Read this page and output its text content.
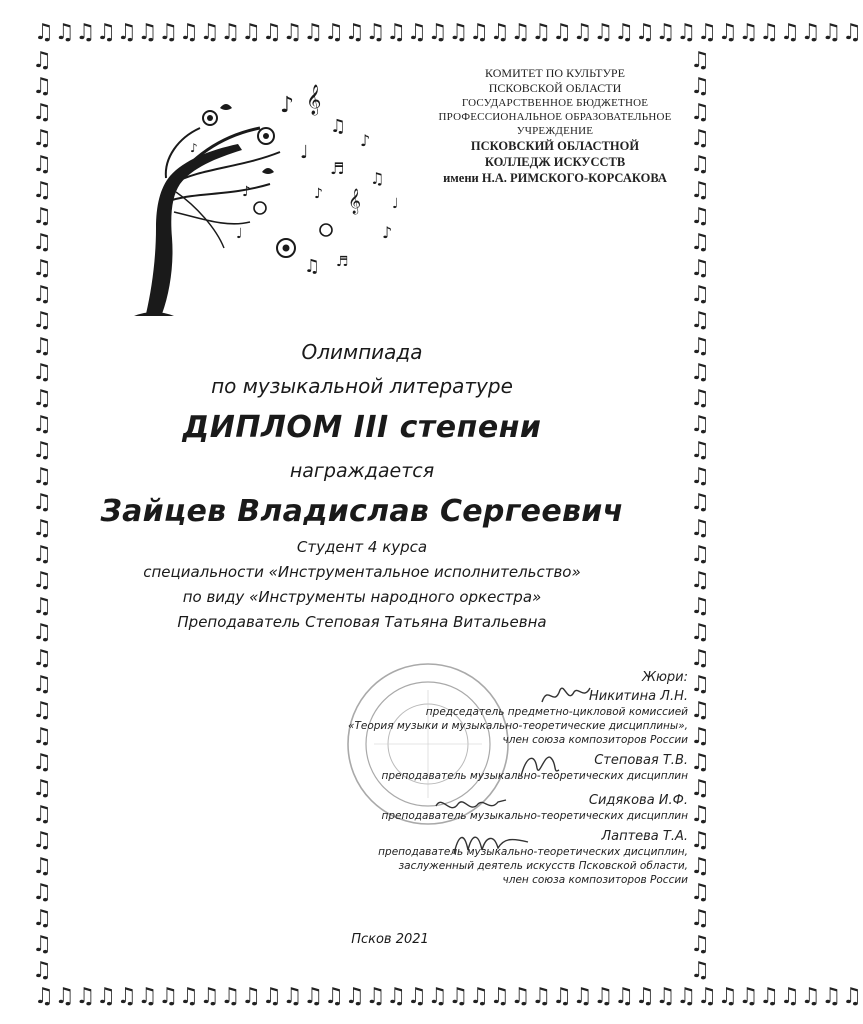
♫♫♫♫♫♫♫♫♫♫♫♫♫♫♫♫♫♫♫♫♫♫♫♫♫♫♫♫♫♫♫♫♫♫♫♫♫♫♫♫
♫♫♫♫♫♫♫♫♫♫♫♫♫♫♫♫♫♫♫♫♫♫♫♫♫♫♫♫♫♫♫♫♫♫♫♫♫♫♫♫
♫♫♫♫♫♫♫♫♫♫♫♫♫♫♫♫♫♫♫♫♫♫♫♫♫♫♫♫♫♫♫♫♫♫♫♫
♫♫♫♫♫♫♫♫♫♫♫♫♫♫♫♫♫♫♫♫♫♫♫♫♫♫♫♫♫♫♫♫♫♫♫♫
♪ 𝄞
♫
♪
♩
♬
♫
𝄞
♪
♩
♪
♫ ♬
♪
♩
♪
КОМИТЕТ ПО КУЛЬТУРЕ
ПСКОВСКОЙ ОБЛАСТИ
ГОСУДАРСТВЕННОЕ БЮДЖЕТНОЕ
ПРОФЕССИОНАЛЬНОЕ ОБРАЗОВАТЕЛЬНОЕ
УЧРЕЖДЕНИЕ
ПСКОВСКИЙ ОБЛАСТНОЙ
КОЛЛЕДЖ ИСКУССТВ
имени Н.А. РИМСКОГО-КОРСАКОВА
Олимпиада
по музыкальной литературе
ДИПЛОМ III степени
награждается
Зайцев Владислав Сергеевич
Студент 4 курса
специальности «Инструментальное исполнительство»
по виду «Инструменты народного оркестра»
Преподаватель Степовая Татьяна Витальевна
Жюри:
Никитина Л.Н.
председатель предметно-цикловой комиссией
«Теория музыки и музыкально-теоретические дисциплины»,
член союза композиторов России
Степовая Т.В.
преподаватель музыкально-теоретических дисциплин
Сидякова И.Ф.
преподаватель музыкально-теоретических дисциплин
Лаптева Т.А.
преподаватель музыкально-теоретических дисциплин,
заслуженный деятель искусств Псковской области,
член союза композиторов России
Псков 2021
